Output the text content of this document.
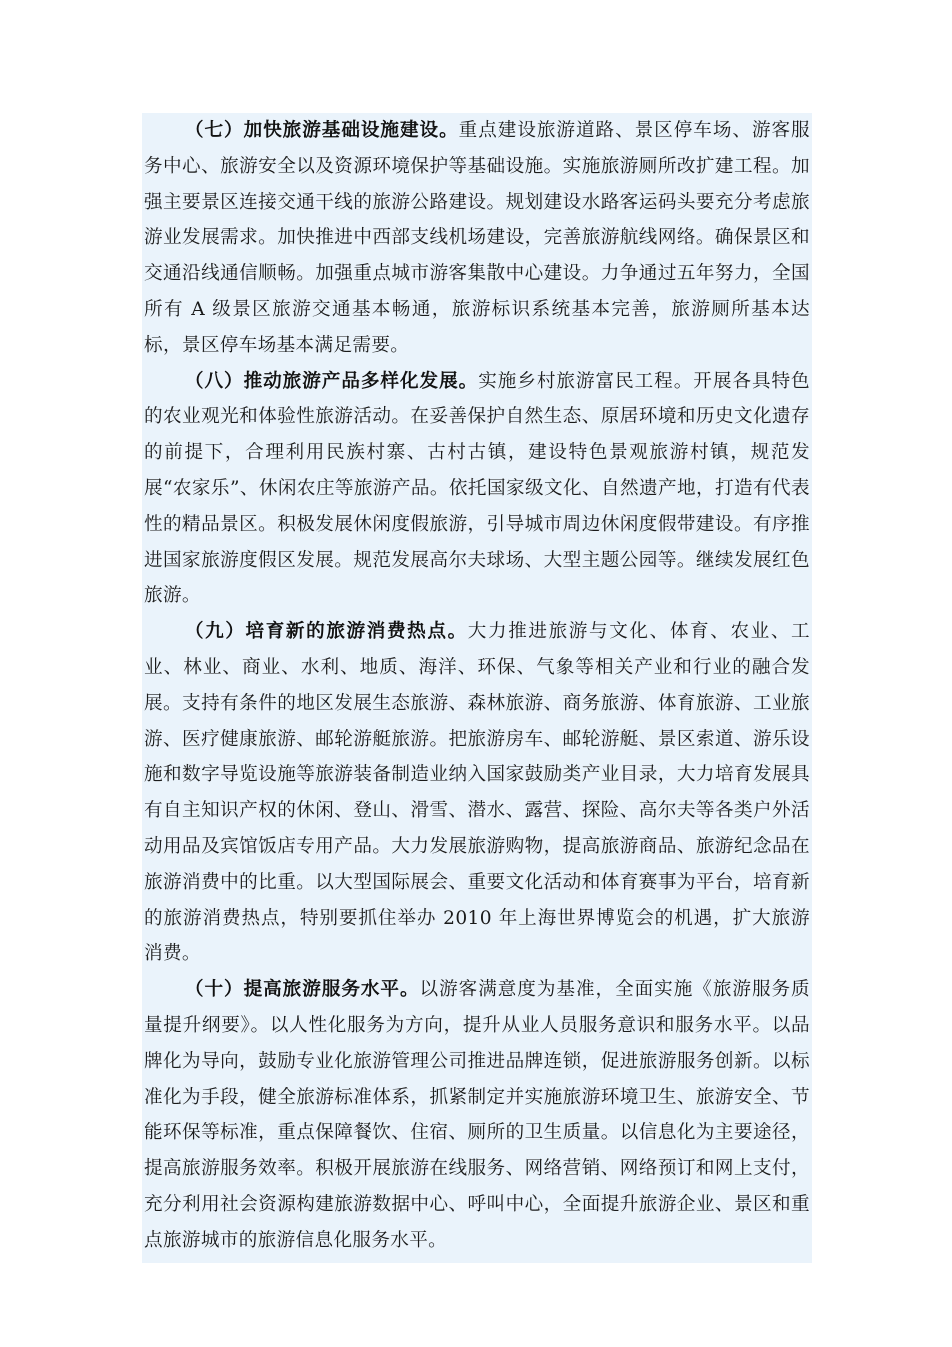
（七）加快旅游基础设施建设。重点建设旅游道路、景区停车场、游客服务中心、旅游安全以及资源环境保护等基础设施。实施旅游厕所改扩建工程。加强主要景区连接交通干线的旅游公路建设。规划建设水路客运码头要充分考虑旅游业发展需求。加快推进中西部支线机场建设，完善旅游航线网络。确保景区和交通沿线通信顺畅。加强重点城市游客集散中心建设。力争通过五年努力，全国所有 A 级景区旅游交通基本畅通，旅游标识系统基本完善，旅游厕所基本达标，景区停车场基本满足需要。

（八）推动旅游产品多样化发展。实施乡村旅游富民工程。开展各具特色的农业观光和体验性旅游活动。在妥善保护自然生态、原居环境和历史文化遗存的前提下，合理利用民族村寨、古村古镇，建设特色景观旅游村镇，规范发展“农家乐”、休闲农庄等旅游产品。依托国家级文化、自然遗产地，打造有代表性的精品景区。积极发展休闲度假旅游，引导城市周边休闲度假带建设。有序推进国家旅游度假区发展。规范发展高尔夫球场、大型主题公园等。继续发展红色旅游。

（九）培育新的旅游消费热点。大力推进旅游与文化、体育、农业、工业、林业、商业、水利、地质、海洋、环保、气象等相关产业和行业的融合发展。支持有条件的地区发展生态旅游、森林旅游、商务旅游、体育旅游、工业旅游、医疗健康旅游、邮轮游艇旅游。把旅游房车、邮轮游艇、景区索道、游乐设施和数字导览设施等旅游装备制造业纳入国家鼓励类产业目录，大力培育发展具有自主知识产权的休闲、登山、滑雪、潜水、露营、探险、高尔夫等各类户外活动用品及宾馆饭店专用产品。大力发展旅游购物，提高旅游商品、旅游纪念品在旅游消费中的比重。以大型国际展会、重要文化活动和体育赛事为平台，培育新的旅游消费热点，特别要抓住举办 2010 年上海世界博览会的机遇，扩大旅游消费。

（十）提高旅游服务水平。以游客满意度为基准，全面实施《旅游服务质量提升纲要》。以人性化服务为方向，提升从业人员服务意识和服务水平。以品牌化为导向，鼓励专业化旅游管理公司推进品牌连锁，促进旅游服务创新。以标准化为手段，健全旅游标准体系，抓紧制定并实施旅游环境卫生、旅游安全、节能环保等标准，重点保障餐饮、住宿、厕所的卫生质量。以信息化为主要途径，提高旅游服务效率。积极开展旅游在线服务、网络营销、网络预订和网上支付，充分利用社会资源构建旅游数据中心、呼叫中心，全面提升旅游企业、景区和重点旅游城市的旅游信息化服务水平。
